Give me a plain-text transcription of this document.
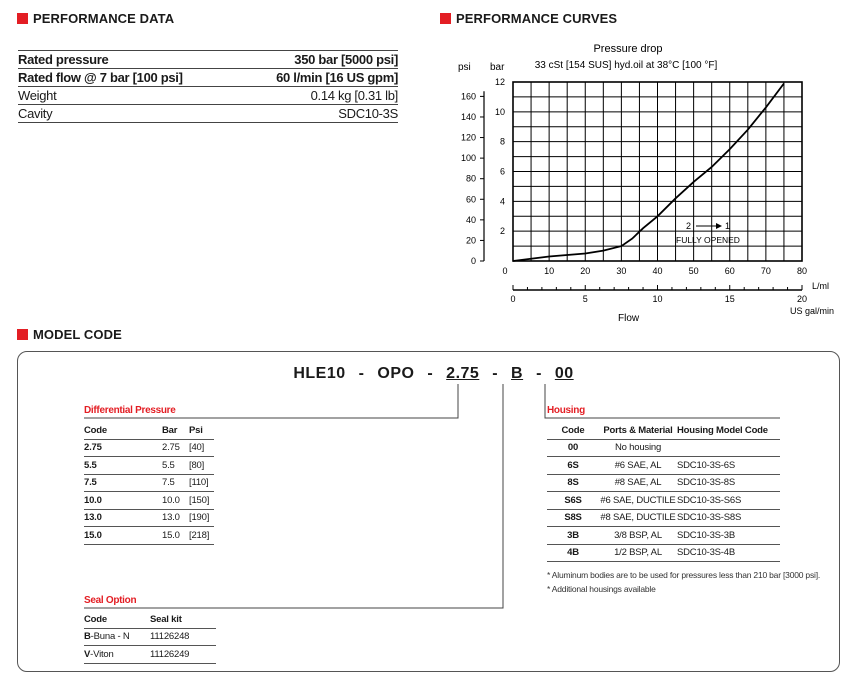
PERFORMANCE DATA
Rated pressure	350 bar [5000 psi]
Rated flow @ 7 bar [100 psi]	60 l/min [16 US gpm]
Weight	0.14 kg [0.31 lb]
Cavity	SDC10-3S
PERFORMANCE CURVES
Pressure drop
33 cSt [154 SUS] hyd.oil at 38°C [100 °F]
psi bar
2
4
6
8
10
12
0
20
40
60
80
100
120
140
160
0	10	20	30	40	50	60	70	80
0	5	10	15	20
2	1
FULLY OPENED
L/ml
US gal/min
Flow
MODEL CODE
HLE10 - OPO - 2.75 - B - 00
Differential Pressure
Code	Bar	Psi
2.75	2.75	[40]
5.5	5.5	[80]
7.5	7.5	[110]
10.0	10.0	[150]
13.0	13.0	[190]
15.0	15.0	[218]
Seal Option
Code	Seal kit
B-Buna - N	11126248
V-Viton	11126249
Housing
Code	Ports & Material	Housing Model Code
00	No housing	
6S	#6 SAE, AL	SDC10-3S-6S
8S	#8 SAE, AL	SDC10-3S-8S
S6S	#6 SAE, DUCTILE	SDC10-3S-S6S
S8S	#8 SAE, DUCTILE	SDC10-3S-S8S
3B	3/8 BSP, AL	SDC10-3S-3B
4B	1/2 BSP, AL	SDC10-3S-4B
* Aluminum bodies are to be used for pressures less than 210 bar [3000 psi].
* Additional housings available
